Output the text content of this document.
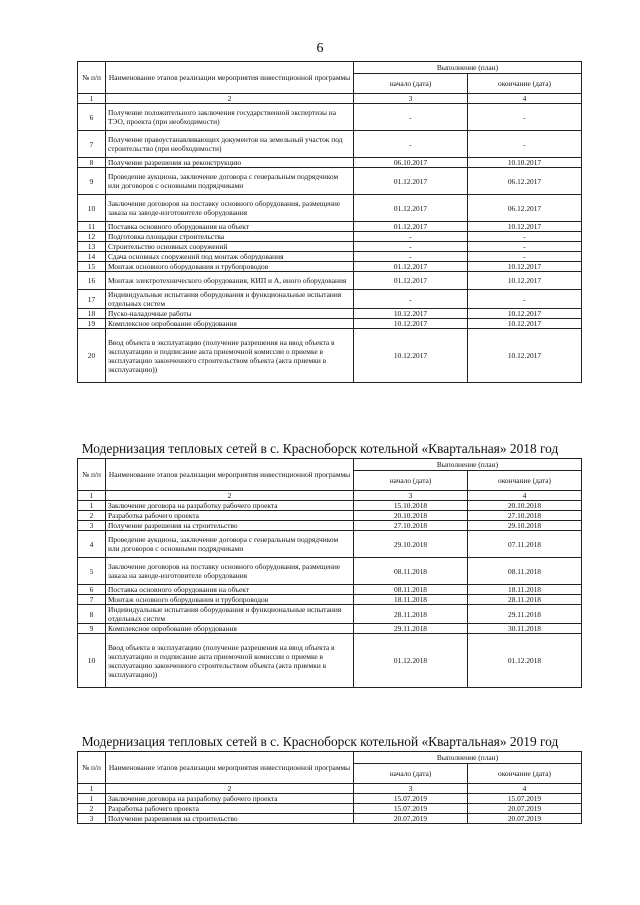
6
№ п/п	Наименование этапов реализации мероприятия инвестиционной программы	Выполнение (план)	
		начало (дата)	окончание (дата)
1	2	3	4
6	Получение положительного заключения государственной экспертизы на ТЭО, проекта (при необходимости)	-	-
7	Получение правоустанавливающих документов на земельный участок под строительство (при необходимости)	-	-
8	Получение разрешения на реконструкцию	06.10.2017	10.10.2017
9	Проведение аукциона, заключение договора с генеральным подрядчиком или договоров с основными подрядчиками	01.12.2017	06.12.2017
10	Заключение договоров на поставку основного оборудования, размещение заказа на заводе-изготовителе оборудования	01.12.2017	06.12.2017
11	Поставка основного оборудования на объект	01.12.2017	10.12.2017
12	Подготовка площадки строительства	-	-
13	Строительство основных сооружений	-	-
14	Сдача основных сооружений под монтаж оборудования	-	-
15	Монтаж основного оборудования и трубопроводов	01.12.2017	10.12.2017
16	Монтаж электротехнического оборудования, КИП и А, иного оборудования	01.12.2017	10.12.2017
17	Индивидуальные испытания оборудования и функциональные испытания отдельных систем	-	-
18	Пуско-наладочные работы	10.12.2017	10.12.2017
19	Комплексное опробование оборудования	10.12.2017	10.12.2017
20	Ввод объекта в эксплуатацию (получение разрешения на ввод объекта в эксплуатацию и подписание акта приемочной комиссии о приемке в эксплуатацию законченного строительством объекта (акта приемки в эксплуатацию))	10.12.2017	10.12.2017
Модернизация тепловых сетей в с. Красноборск котельной «Квартальная» 2018 год
№ п/п	Наименование этапов реализации мероприятия инвестиционной программы	Выполнение (план)	
		начало (дата)	окончание (дата)
1	2	3	4
1	Заключение договора на разработку рабочего проекта	15.10.2018	20.10.2018
2	Разработка рабочего проекта	20.10.2018	27.10.2018
3	Получение разрешения на строительство	27.10.2018	29.10.2018
4	Проведение аукциона, заключение договора с генеральным подрядчиком или договоров с основными подрядчиками	29.10.2018	07.11.2018
5	Заключение договоров на поставку основного оборудования, размещение заказа на заводе-изготовителе оборудования	08.11.2018	08.11.2018
6	Поставка основного оборудования на объект	08.11.2018	18.11.2018
7	Монтаж основного оборудования и трубопроводов	18.11.2018	28.11.2018
8	Индивидуальные испытания оборудования и функциональные испытания отдельных систем	28.11.2018	29.11.2018
9	Комплексное опробование оборудования	29.11.2018	30.11.2018
10	Ввод объекта в эксплуатацию (получение разрешения на ввод объекта в эксплуатацию и подписание акта приемочной комиссии о приемке в эксплуатацию законченного строительством объекта (акта приемки в эксплуатацию))	01.12.2018	01.12.2018
Модернизация тепловых сетей в с. Красноборск котельной «Квартальная» 2019 год
№ п/п	Наименование этапов реализации мероприятия инвестиционной программы	Выполнение (план)	
		начало (дата)	окончание (дата)
1	2	3	4
1	Заключение договора на разработку рабочего проекта	15.07.2019	15.07.2019
2	Разработка рабочего проекта	15.07.2019	20.07.2019
3	Получение разрешения на строительство	20.07.2019	20.07.2019
